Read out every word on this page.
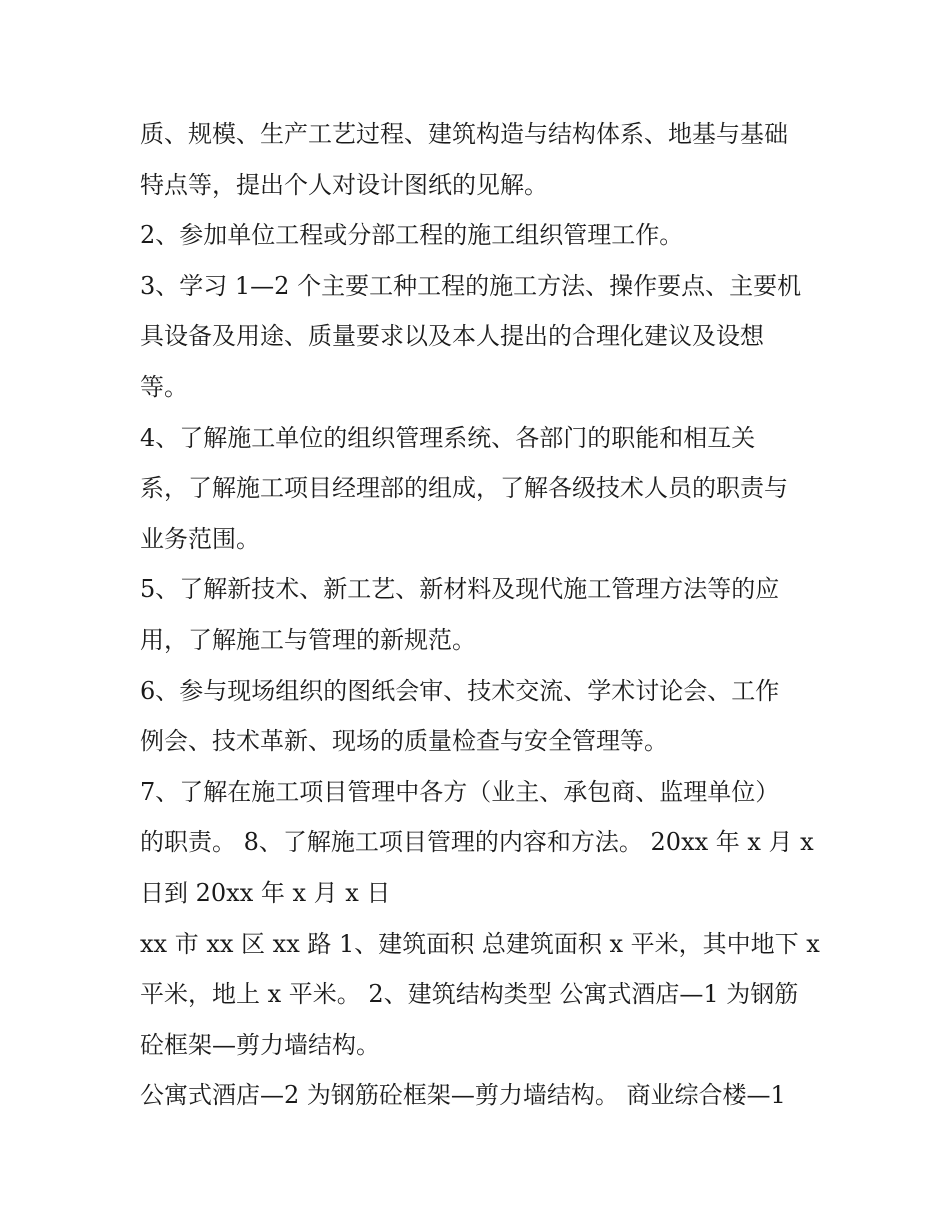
质、规模、生产工艺过程、建筑构造与结构体系、地基与基础
特点等，提出个人对设计图纸的见解。
2、参加单位工程或分部工程的施工组织管理工作。
3、学习 1—2 个主要工种工程的施工方法、操作要点、主要机
具设备及用途、质量要求以及本人提出的合理化建议及设想
等。
4、了解施工单位的组织管理系统、各部门的职能和相互关
系，了解施工项目经理部的组成，了解各级技术人员的职责与
业务范围。
5、了解新技术、新工艺、新材料及现代施工管理方法等的应
用，了解施工与管理的新规范。
6、参与现场组织的图纸会审、技术交流、学术讨论会、工作
例会、技术革新、现场的质量检查与安全管理等。
7、了解在施工项目管理中各方（业主、承包商、监理单位）
的职责。 8、了解施工项目管理的内容和方法。 20xx 年 x 月 x
日到 20xx 年 x 月 x 日
xx 市 xx 区 xx 路 1、建筑面积 总建筑面积 x 平米，其中地下 x
平米，地上 x 平米。 2、建筑结构类型 公寓式酒店—1 为钢筋
砼框架—剪力墙结构。
公寓式酒店—2 为钢筋砼框架—剪力墙结构。 商业综合楼—1
